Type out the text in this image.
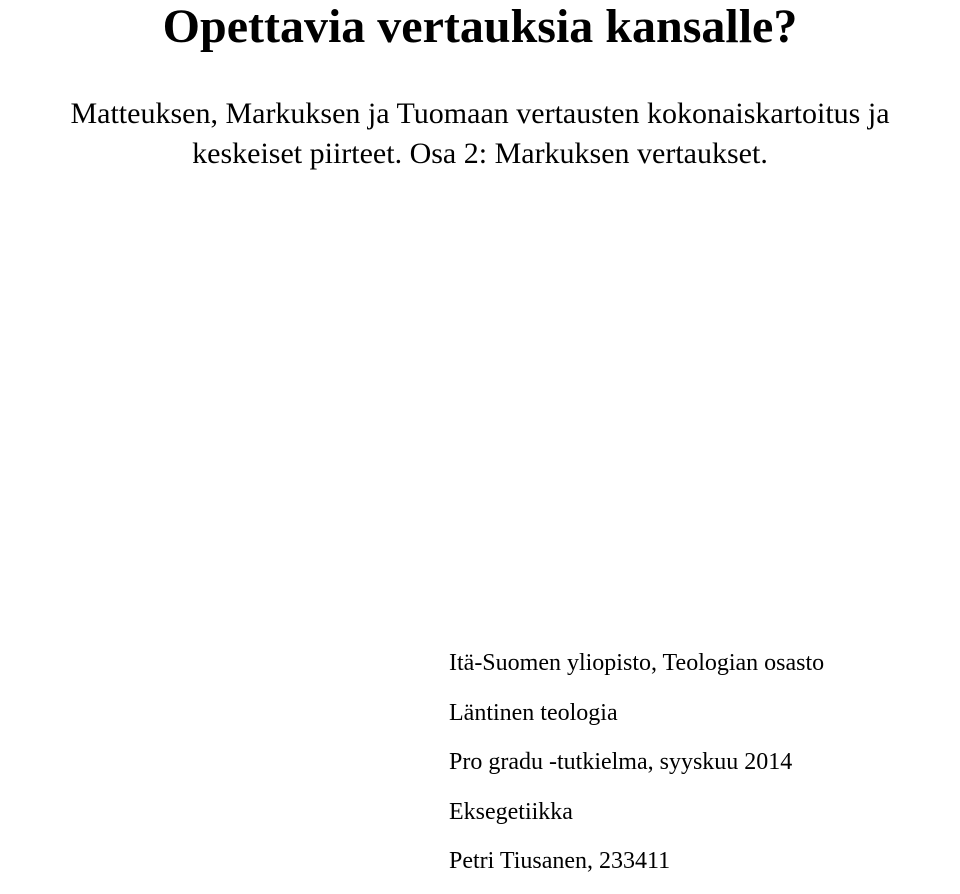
Opettavia vertauksia kansalle?
Matteuksen, Markuksen ja Tuomaan vertausten kokonaiskartoitus ja
keskeiset piirteet. Osa 2: Markuksen vertaukset.
Itä-Suomen yliopisto, Teologian osasto
Läntinen teologia
Pro gradu -tutkielma, syyskuu 2014
Eksegetiikka
Petri Tiusanen, 233411
